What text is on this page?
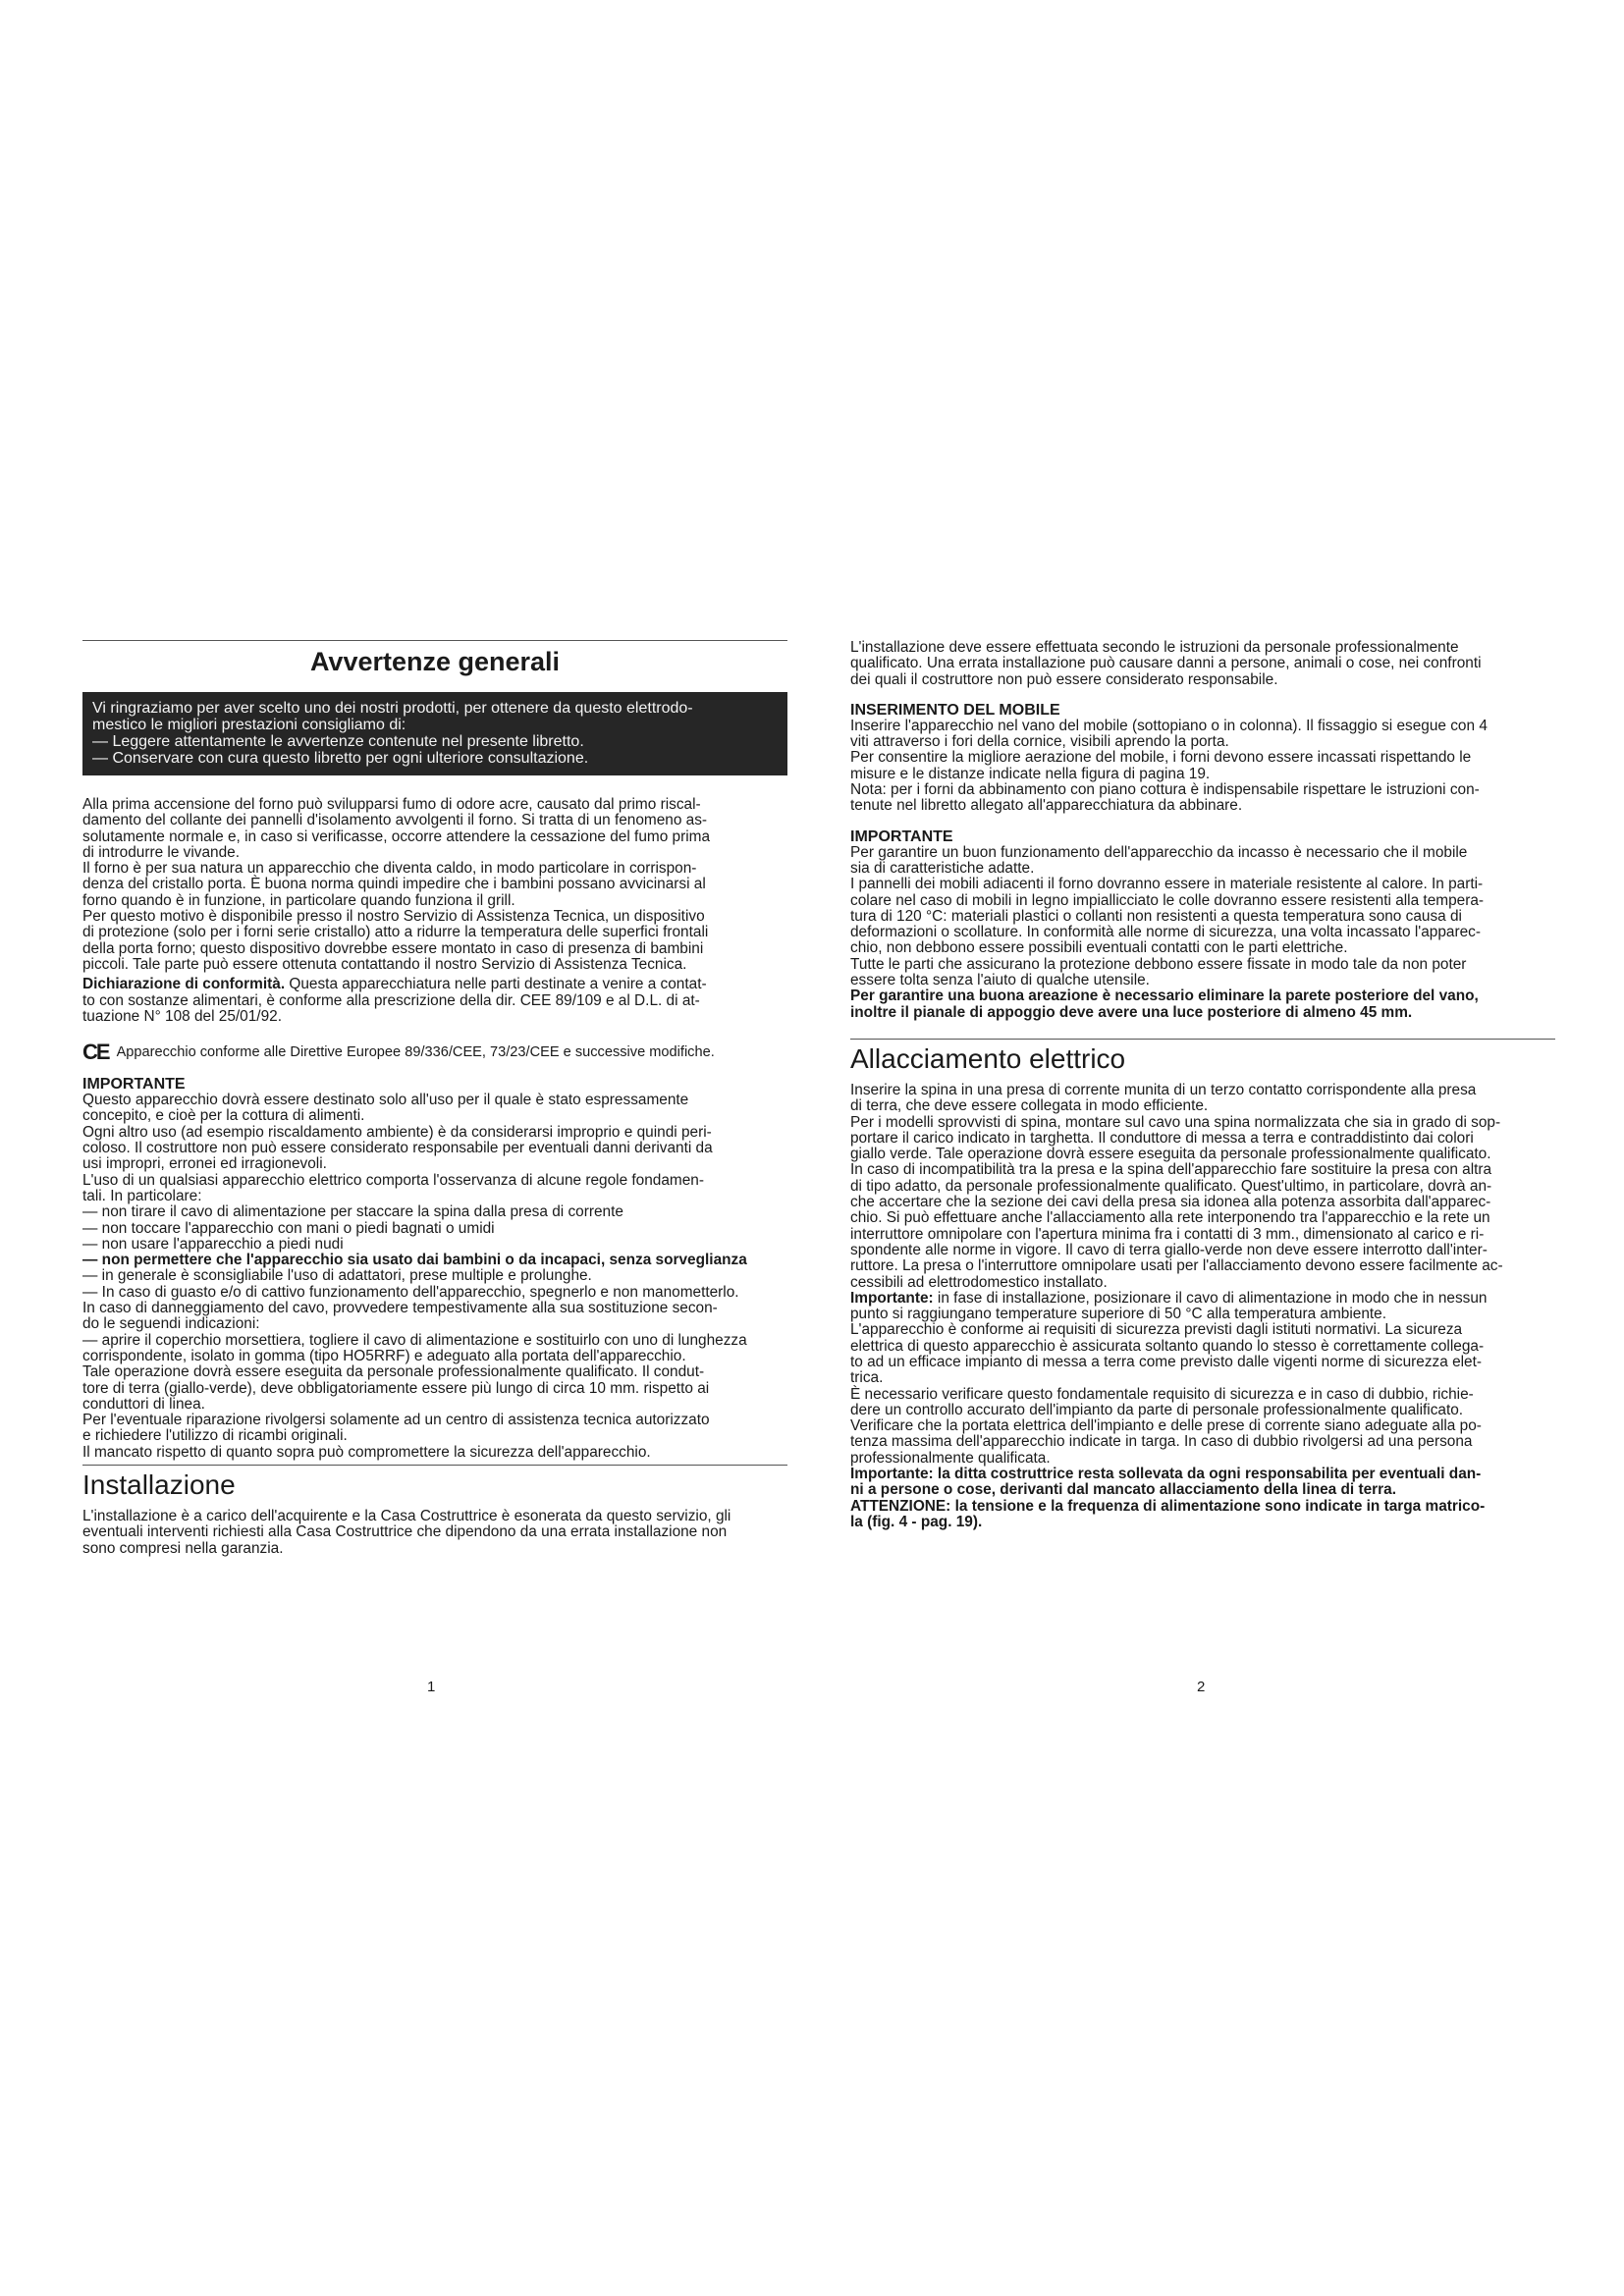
Avvertenze generali

Vi ringraziamo per aver scelto uno dei nostri prodotti, per ottenere da questo elettrodo-

mestico le migliori prestazioni consigliamo di:

— Leggere attentamente le avvertenze contenute nel presente libretto.

— Conservare con cura questo libretto per ogni ulteriore consultazione.

Alla prima accensione del forno può svilupparsi fumo di odore acre, causato dal primo riscal-

damento del collante dei pannelli d'isolamento avvolgenti il forno. Si tratta di un fenomeno as-

solutamente normale e, in caso si verificasse, occorre attendere la cessazione del fumo prima

di introdurre le vivande.

Il forno è per sua natura un apparecchio che diventa caldo, in modo particolare in corrispon-

denza del cristallo porta. È buona norma quindi impedire che i bambini possano avvicinarsi al

forno quando è in funzione, in particolare quando funziona il grill.

Per questo motivo è disponibile presso il nostro Servizio di Assistenza Tecnica, un dispositivo

di protezione (solo per i forni serie cristallo) atto a ridurre la temperatura delle superfici frontali

della porta forno; questo dispositivo dovrebbe essere montato in caso di presenza di bambini

piccoli. Tale parte può essere ottenuta contattando il nostro Servizio di Assistenza Tecnica.

Dichiarazione di conformità. Questa apparecchiatura nelle parti destinate a venire a contat-

to con sostanze alimentari, è conforme alla prescrizione della dir. CEE 89/109 e al D.L. di at-

tuazione N° 108 del 25/01/92.

CE Apparecchio conforme alle Direttive Europee 89/336/CEE, 73/23/CEE e successive modifiche.
IMPORTANTE

Questo apparecchio dovrà essere destinato solo all'uso per il quale è stato espressamente

concepito, e cioè per la cottura di alimenti.

Ogni altro uso (ad esempio riscaldamento ambiente) è da considerarsi improprio e quindi peri-

coloso. Il costruttore non può essere considerato responsabile per eventuali danni derivanti da

usi impropri, erronei ed irragionevoli.

L'uso di un qualsiasi apparecchio elettrico comporta l'osservanza di alcune regole fondamen-

tali. In particolare:

— non tirare il cavo di alimentazione per staccare la spina dalla presa di corrente

— non toccare l'apparecchio con mani o piedi bagnati o umidi

— non usare l'apparecchio a piedi nudi

— non permettere che l'apparecchio sia usato dai bambini o da incapaci, senza sorveglianza

— in generale è sconsigliabile l'uso di adattatori, prese multiple e prolunghe.

— In caso di guasto e/o di cattivo funzionamento dell'apparecchio, spegnerlo e non manometterlo.

In caso di danneggiamento del cavo, provvedere tempestivamente alla sua sostituzione secon-

do le seguendi indicazioni:

— aprire il coperchio morsettiera, togliere il cavo di alimentazione e sostituirlo con uno di lunghezza

corrispondente, isolato in gomma (tipo HO5RRF) e adeguato alla portata dell'apparecchio.

Tale operazione dovrà essere eseguita da personale professionalmente qualificato. Il condut-

tore di terra (giallo-verde), deve obbligatoriamente essere più lungo di circa 10 mm. rispetto ai

conduttori di linea.

Per l'eventuale riparazione rivolgersi solamente ad un centro di assistenza tecnica autorizzato

e richiedere l'utilizzo di ricambi originali.

Il mancato rispetto di quanto sopra può compromettere la sicurezza dell'apparecchio.

Installazione

L'installazione è a carico dell'acquirente e la Casa Costruttrice è esonerata da questo servizio, gli

eventuali interventi richiesti alla Casa Costruttrice che dipendono da una errata installazione non

sono compresi nella garanzia.

1

L'installazione deve essere effettuata secondo le istruzioni da personale professionalmente

qualificato. Una errata installazione può causare danni a persone, animali o cose, nei confronti

dei quali il costruttore non può essere considerato responsabile.

INSERIMENTO DEL MOBILE

Inserire l'apparecchio nel vano del mobile (sottopiano o in colonna). Il fissaggio si esegue con 4

viti attraverso i fori della cornice, visibili aprendo la porta.

Per consentire la migliore aerazione del mobile, i forni devono essere incassati rispettando le

misure e le distanze indicate nella figura di pagina 19.

Nota: per i forni da abbinamento con piano cottura è indispensabile rispettare le istruzioni con-

tenute nel libretto allegato all'apparecchiatura da abbinare.

IMPORTANTE

Per garantire un buon funzionamento dell'apparecchio da incasso è necessario che il mobile

sia di caratteristiche adatte.

I pannelli dei mobili adiacenti il forno dovranno essere in materiale resistente al calore. In parti-

colare nel caso di mobili in legno impiallicciato le colle dovranno essere resistenti alla tempera-

tura di 120 °C: materiali plastici o collanti non resistenti a questa temperatura sono causa di

deformazioni o scollature. In conformità alle norme di sicurezza, una volta incassato l'apparec-

chio, non debbono essere possibili eventuali contatti con le parti elettriche.

Tutte le parti che assicurano la protezione debbono essere fissate in modo tale da non poter

essere tolta senza l'aiuto di qualche utensile.

Per garantire una buona areazione è necessario eliminare la parete posteriore del vano,

inoltre il pianale di appoggio deve avere una luce posteriore di almeno 45 mm.

Allacciamento elettrico

Inserire la spina in una presa di corrente munita di un terzo contatto corrispondente alla presa

di terra, che deve essere collegata in modo efficiente.

Per i modelli sprovvisti di spina, montare sul cavo una spina normalizzata che sia in grado di sop-

portare il carico indicato in targhetta. Il conduttore di messa a terra e contraddistinto dai colori

giallo verde. Tale operazione dovrà essere eseguita da personale professionalmente qualificato.

In caso di incompatibilità tra la presa e la spina dell'apparecchio fare sostituire la presa con altra

di tipo adatto, da personale professionalmente qualificato. Quest'ultimo, in particolare, dovrà an-

che accertare che la sezione dei cavi della presa sia idonea alla potenza assorbita dall'apparec-

chio. Si può effettuare anche l'allacciamento alla rete interponendo tra l'apparecchio e la rete un

interruttore omnipolare con l'apertura minima fra i contatti di 3 mm., dimensionato al carico e ri-

spondente alle norme in vigore. Il cavo di terra giallo-verde non deve essere interrotto dall'inter-

ruttore. La presa o l'interruttore omnipolare usati per l'allacciamento devono essere facilmente ac-

cessibili ad elettrodomestico installato.

Importante: in fase di installazione, posizionare il cavo di alimentazione in modo che in nessun

punto si raggiungano temperature superiore di 50 °C alla temperatura ambiente.

L'apparecchio è conforme ai requisiti di sicurezza previsti dagli istituti normativi. La sicureza

elettrica di questo apparecchio è assicurata soltanto quando lo stesso è correttamente collega-

to ad un efficace impianto di messa a terra come previsto dalle vigenti norme di sicurezza elet-

trica.

È necessario verificare questo fondamentale requisito di sicurezza e in caso di dubbio, richie-

dere un controllo accurato dell'impianto da parte di personale professionalmente qualificato.

Verificare che la portata elettrica dell'impianto e delle prese di corrente siano adeguate alla po-

tenza massima dell'apparecchio indicate in targa. In caso di dubbio rivolgersi ad una persona

professionalmente qualificata.

Importante: la ditta costruttrice resta sollevata da ogni responsabilita per eventuali dan-

ni a persone o cose, derivanti dal mancato allacciamento della linea di terra.

ATTENZIONE: la tensione e la frequenza di alimentazione sono indicate in targa matrico-

la (fig. 4 - pag. 19).

2
